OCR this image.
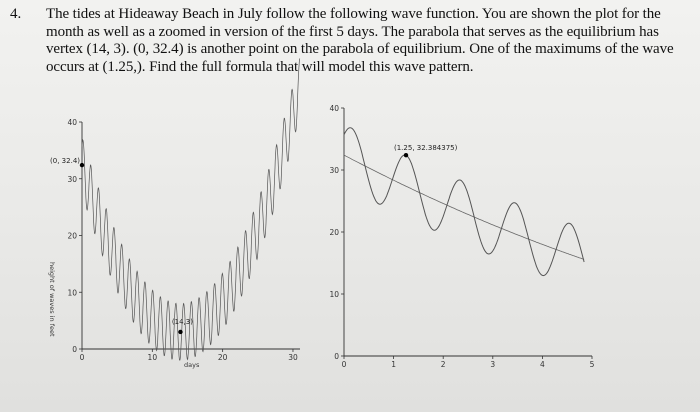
4. The tides at Hideaway Beach in July follow the following wave function. You are shown the plot for the month as well as a zoomed in version of the first 5 days. The parabola that serves as the equilibrium has vertex (14, 3). (0, 32.4) is another point on the parabola of equilibrium. One of the maximums of the wave occurs at (1.25,). Find the full formula that will model this wave pattern.
height of waves in feet
days
0
10
20
30
40
0	10	20	30
(0, 32.4)
(14,3)
0
10
20
30
40
0	1	2	3	4	5
(1.25, 32.384375)
